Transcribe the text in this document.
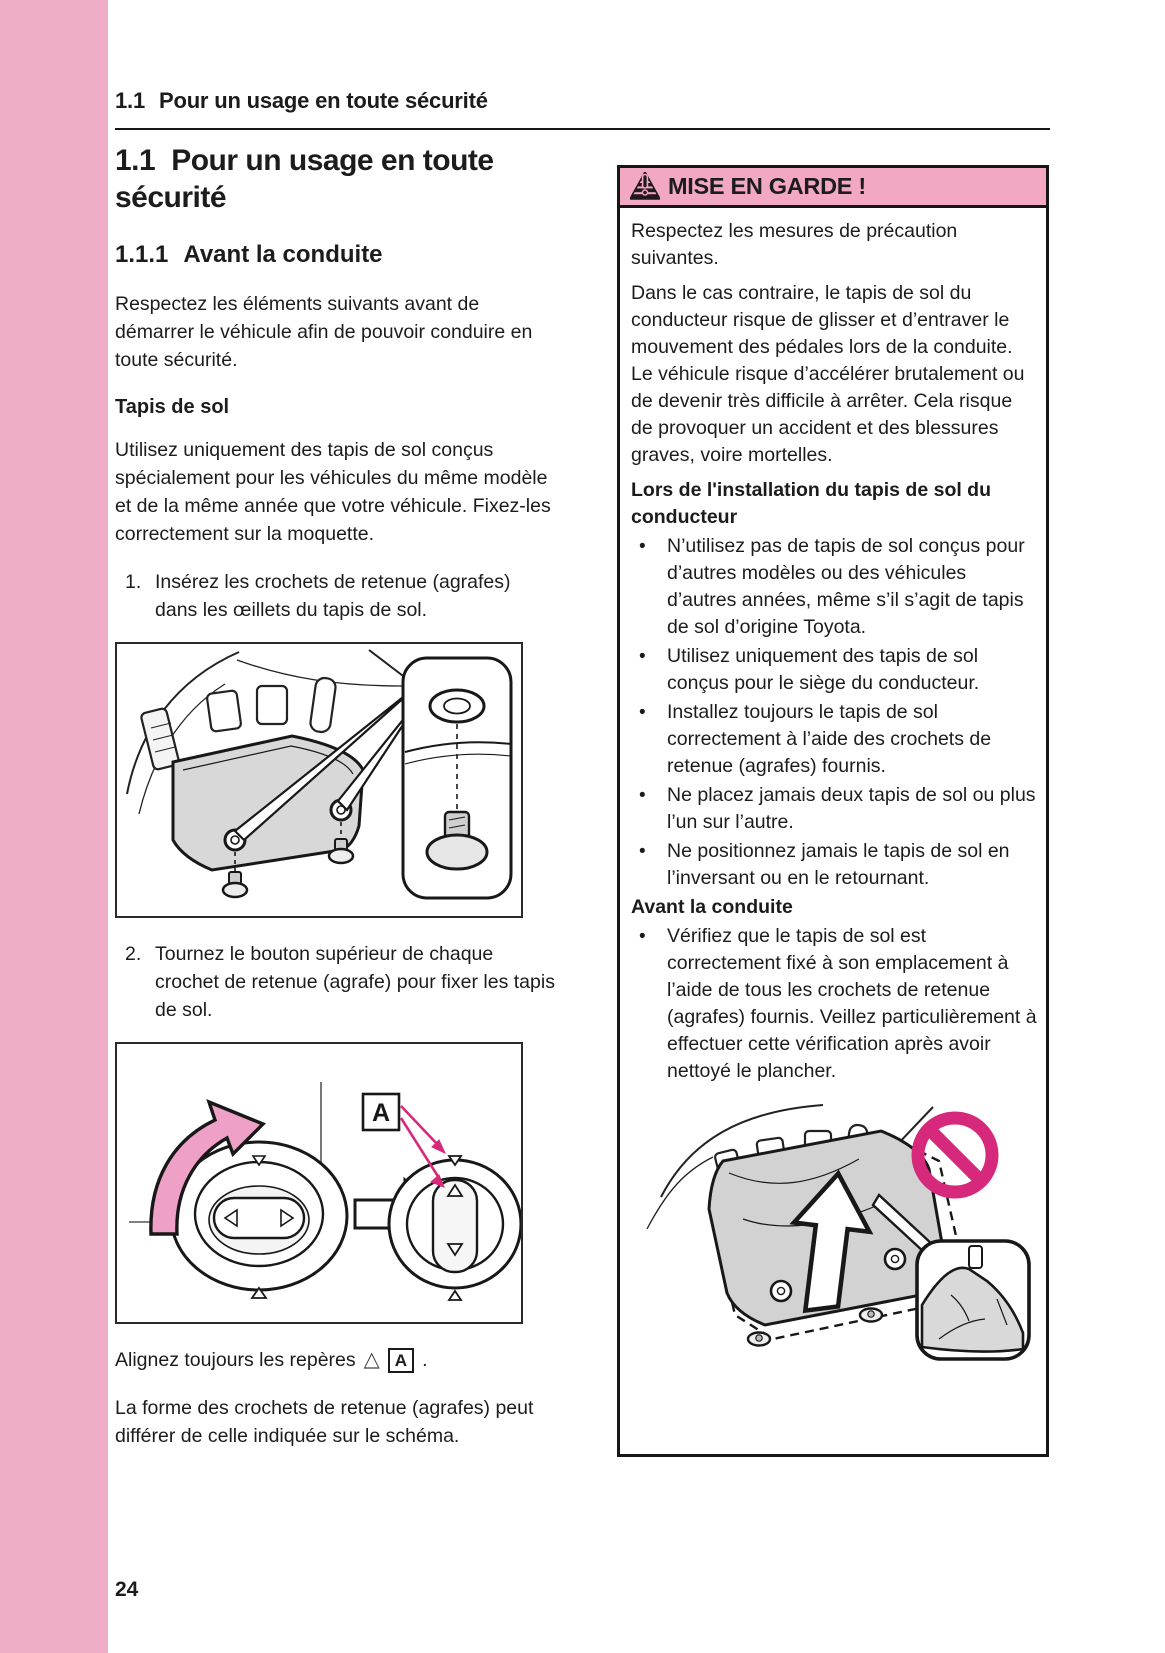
1.1 Pour un usage en toute sécurité
1.1 Pour un usage en toute sécurité
1.1.1 Avant la conduite

Respectez les éléments suivants avant de démarrer le véhicule afin de pouvoir conduire en toute sécurité.

Tapis de sol

Utilisez uniquement des tapis de sol conçus spécialement pour les véhicules du même modèle et de la même année que votre véhicule. Fixez-les correctement sur la moquette.

1. Insérez les crochets de retenue (agrafes) dans les œillets du tapis de sol.
2. Tournez le bouton supérieur de chaque crochet de retenue (agrafe) pour fixer les tapis de sol.
A

Alignez toujours les repères △ A .

La forme des crochets de retenue (agrafes) peut différer de celle indiquée sur le schéma.

MISE EN GARDE !

Respectez les mesures de précaution suivantes.

Dans le cas contraire, le tapis de sol du conducteur risque de glisser et d’entraver le mouvement des pédales lors de la conduite. Le véhicule risque d’accélérer brutalement ou de devenir très difficile à arrêter. Cela risque de provoquer un accident et des blessures graves, voire mortelles.

Lors de l'installation du tapis de sol du conducteur

• N’utilisez pas de tapis de sol conçus pour d’autres modèles ou des véhicules d’autres années, même s’il s’agit de tapis de sol d’origine Toyota.
• Utilisez uniquement des tapis de sol conçus pour le siège du conducteur.
• Installez toujours le tapis de sol correctement à l’aide des crochets de retenue (agrafes) fournis.
• Ne placez jamais deux tapis de sol ou plus l’un sur l’autre.
• Ne positionnez jamais le tapis de sol en l’inversant ou en le retournant.

Avant la conduite

• Vérifiez que le tapis de sol est correctement fixé à son emplacement à l’aide de tous les crochets de retenue (agrafes) fournis. Veillez particulièrement à effectuer cette vérification après avoir nettoyé le plancher.
24
